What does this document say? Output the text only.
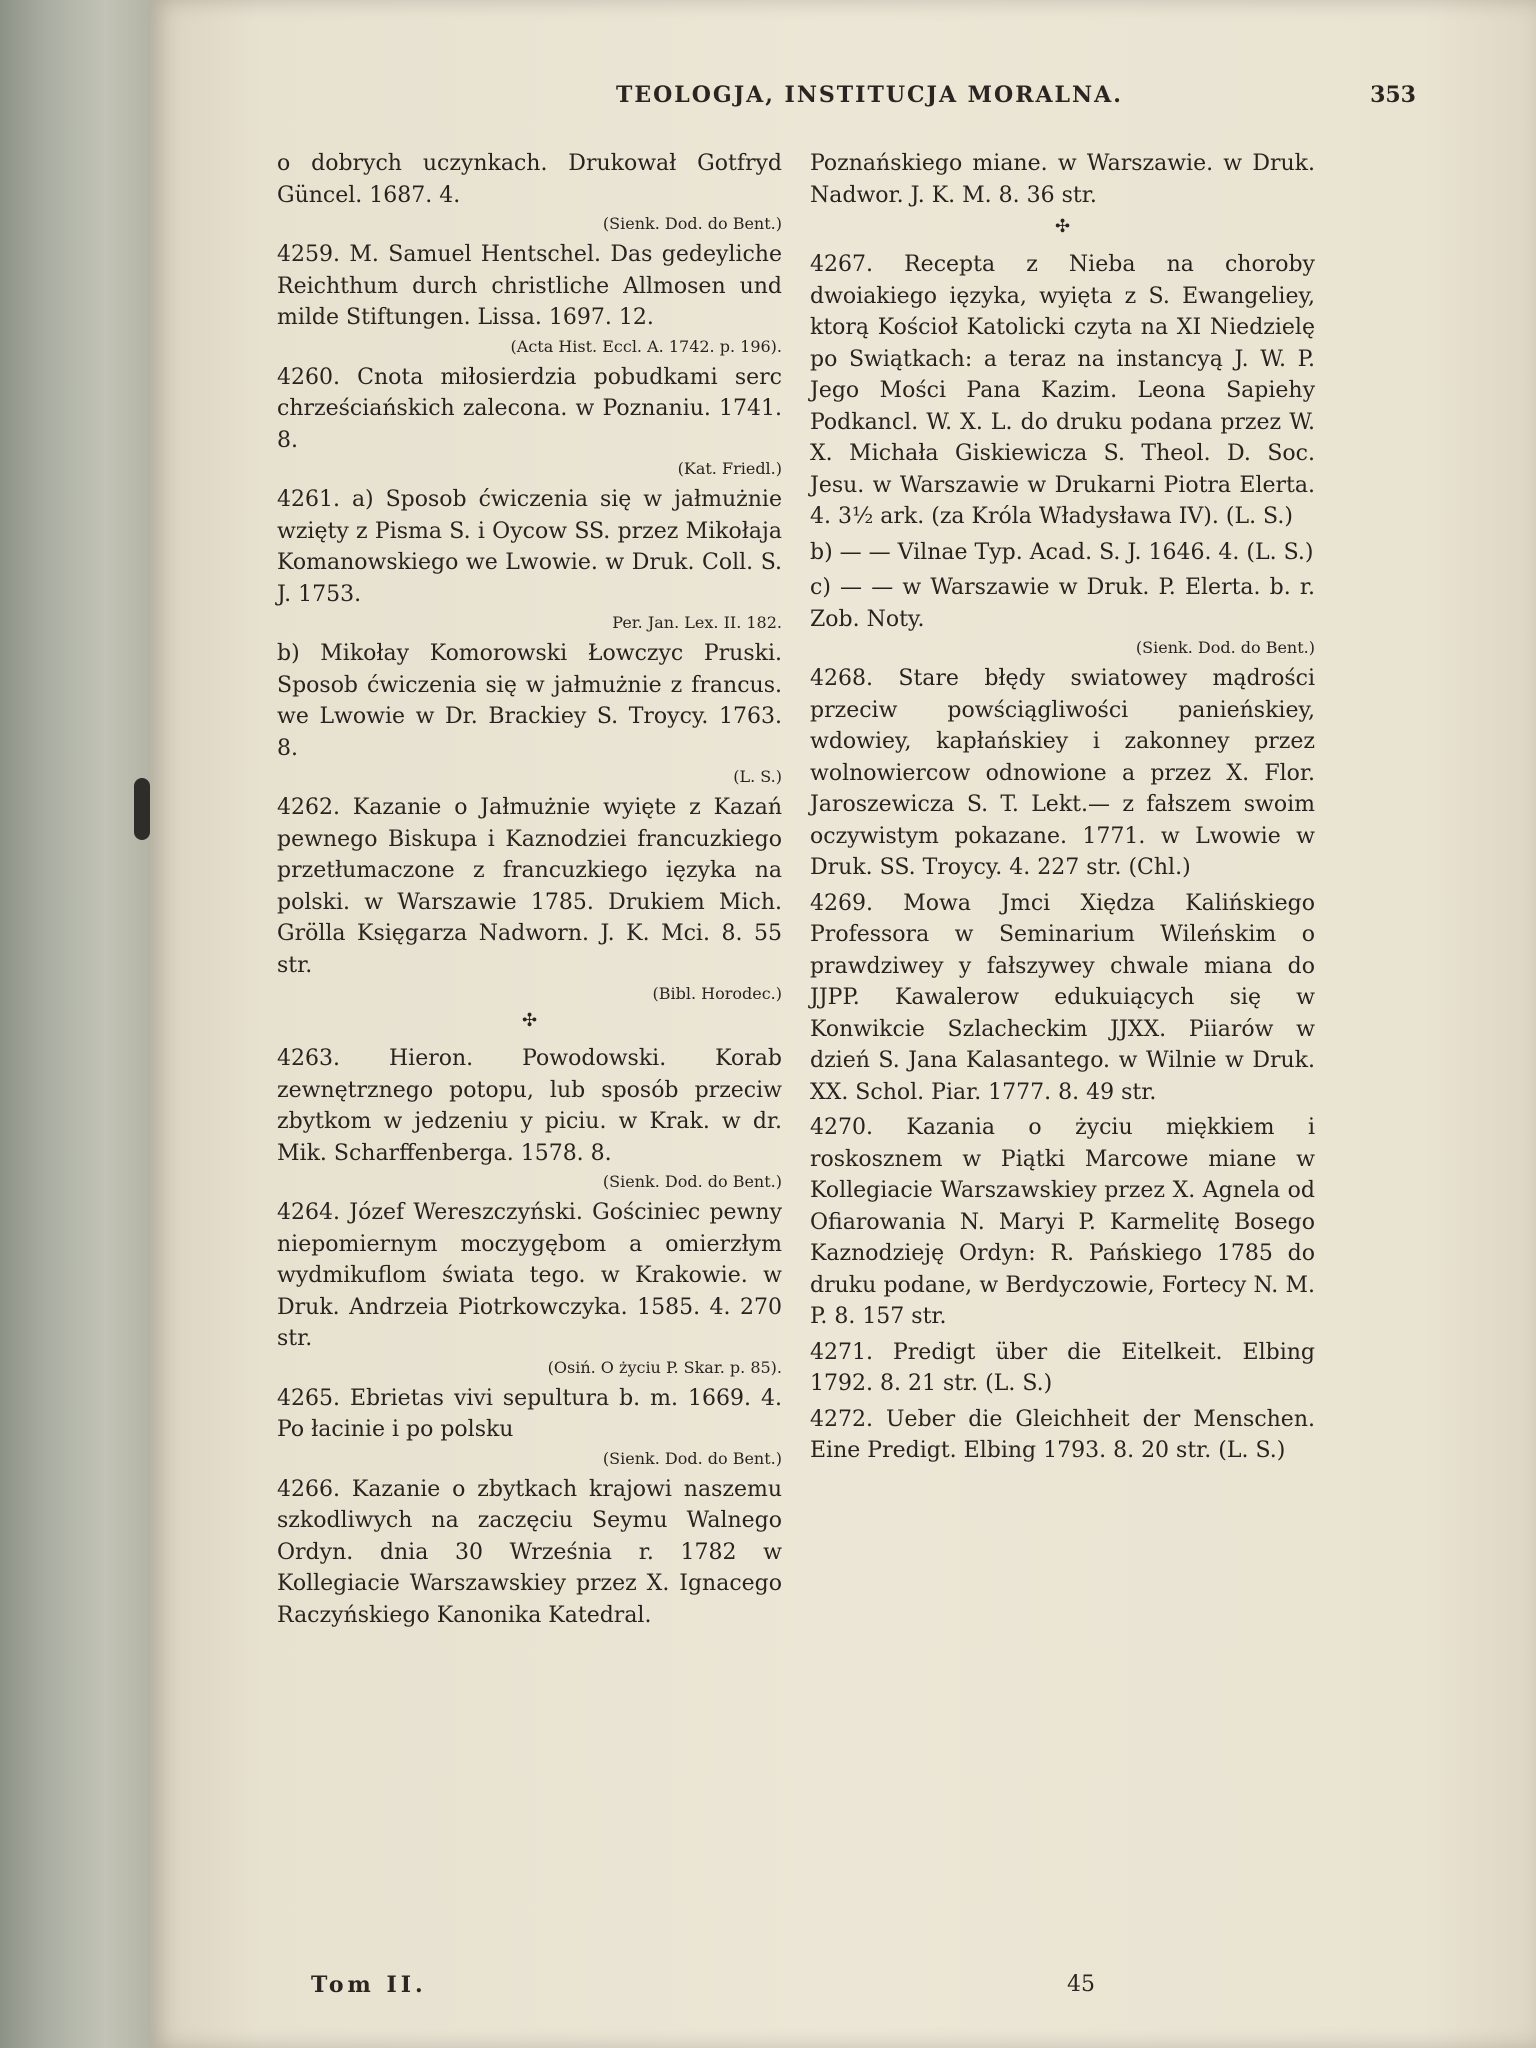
TEOLOGJA, INSTITUCJA MORALNA.	353
o dobrych uczynkach. Drukował Gotfryd Güncel. 1687. 4.
(Sienk. Dod. do Bent.)
4259. M. Samuel Hentschel. Das gedeyliche Reichthum durch christliche Allmosen und milde Stiftungen. Lissa. 1697. 12.
(Acta Hist. Eccl. A. 1742. p. 196).
4260. Cnota miłosierdzia pobudkami serc chrześciańskich zalecona. w Poznaniu. 1741. 8.
(Kat. Friedl.)
4261. a) Sposob ćwiczenia się w jałmużnie wzięty z Pisma S. i Oycow SS. przez Mikołaja Komanowskiego we Lwowie. w Druk. Coll. S. J. 1753.
Per. Jan. Lex. II. 182.
b) Mikołay Komorowski Łowczyc Pruski. Sposob ćwiczenia się w jałmużnie z francus. we Lwowie w Dr. Brackiey S. Troycy. 1763. 8.
(L. S.)
4262. Kazanie o Jałmużnie wyięte z Kazań pewnego Biskupa i Kaznodziei francuzkiego przetłumaczone z francuzkiego ięzyka na polski. w Warszawie 1785. Drukiem Mich. Grölla Księgarza Nadworn. J. K. Mci. 8. 55 str.
(Bibl. Horodec.)
✣
4263. Hieron. Powodowski. Korab zewnętrznego potopu, lub sposób przeciw zbytkom w jedzeniu y piciu. w Krak. w dr. Mik. Scharffenberga. 1578. 8.
(Sienk. Dod. do Bent.)
4264. Józef Wereszczyński. Gościniec pewny niepomiernym moczygębom a omierzłym wydmikuflom świata tego. w Krakowie. w Druk. Andrzeia Piotrkowczyka. 1585. 4. 270 str.
(Osiń. O życiu P. Skar. p. 85).
4265. Ebrietas vivi sepultura b. m. 1669. 4. Po łacinie i po polsku
(Sienk. Dod. do Bent.)
4266. Kazanie o zbytkach krajowi naszemu szkodliwych na zaczęciu Seymu Walnego Ordyn. dnia 30 Września r. 1782 w Kollegiacie Warszawskiey przez X. Ignacego Raczyńskiego Kanonika Katedral.
Poznańskiego miane. w Warszawie. w Druk. Nadwor. J. K. M. 8. 36 str.
✣
4267. Recepta z Nieba na choroby dwoiakiego ięzyka, wyięta z S. Ewangeliey, ktorą Kościoł Katolicki czyta na XI Niedzielę po Swiątkach: a teraz na instancyą J. W. P. Jego Mości Pana Kazim. Leona Sapiehy Podkancl. W. X. L. do druku podana przez W. X. Michała Giskiewicza S. Theol. D. Soc. Jesu. w Warszawie w Drukarni Piotra Elerta. 4. 3½ ark. (za Króla Władysława IV). (L. S.)
b) — — Vilnae Typ. Acad. S. J. 1646. 4. (L. S.)
c) — — w Warszawie w Druk. P. Elerta. b. r. Zob. Noty.
(Sienk. Dod. do Bent.)
4268. Stare błędy swiatowey mądrości przeciw powściągliwości panieńskiey, wdowiey, kapłańskiey i zakonney przez wolnowiercow odnowione a przez X. Flor. Jaroszewicza S. T. Lekt.— z fałszem swoim oczywistym pokazane. 1771. w Lwowie w Druk. SS. Troycy. 4. 227 str. (Chl.)
4269. Mowa Jmci Xiędza Kalińskiego Professora w Seminarium Wileńskim o prawdziwey y fałszywey chwale miana do JJPP. Kawalerow edukuiących się w Konwikcie Szlacheckim JJXX. Piiarów w dzień S. Jana Kalasantego. w Wilnie w Druk. XX. Schol. Piar. 1777. 8. 49 str.
4270. Kazania o życiu miękkiem i roskosznem w Piątki Marcowe miane w Kollegiacie Warszawskiey przez X. Agnela od Ofiarowania N. Maryi P. Karmelitę Bosego Kaznodzieję Ordyn: R. Pańskiego 1785 do druku podane, w Berdyczowie, Fortecy N. M. P. 8. 157 str.
4271. Predigt über die Eitelkeit. Elbing 1792. 8. 21 str. (L. S.)
4272. Ueber die Gleichheit der Menschen. Eine Predigt. Elbing 1793. 8. 20 str. (L. S.)
Tom II.	45
